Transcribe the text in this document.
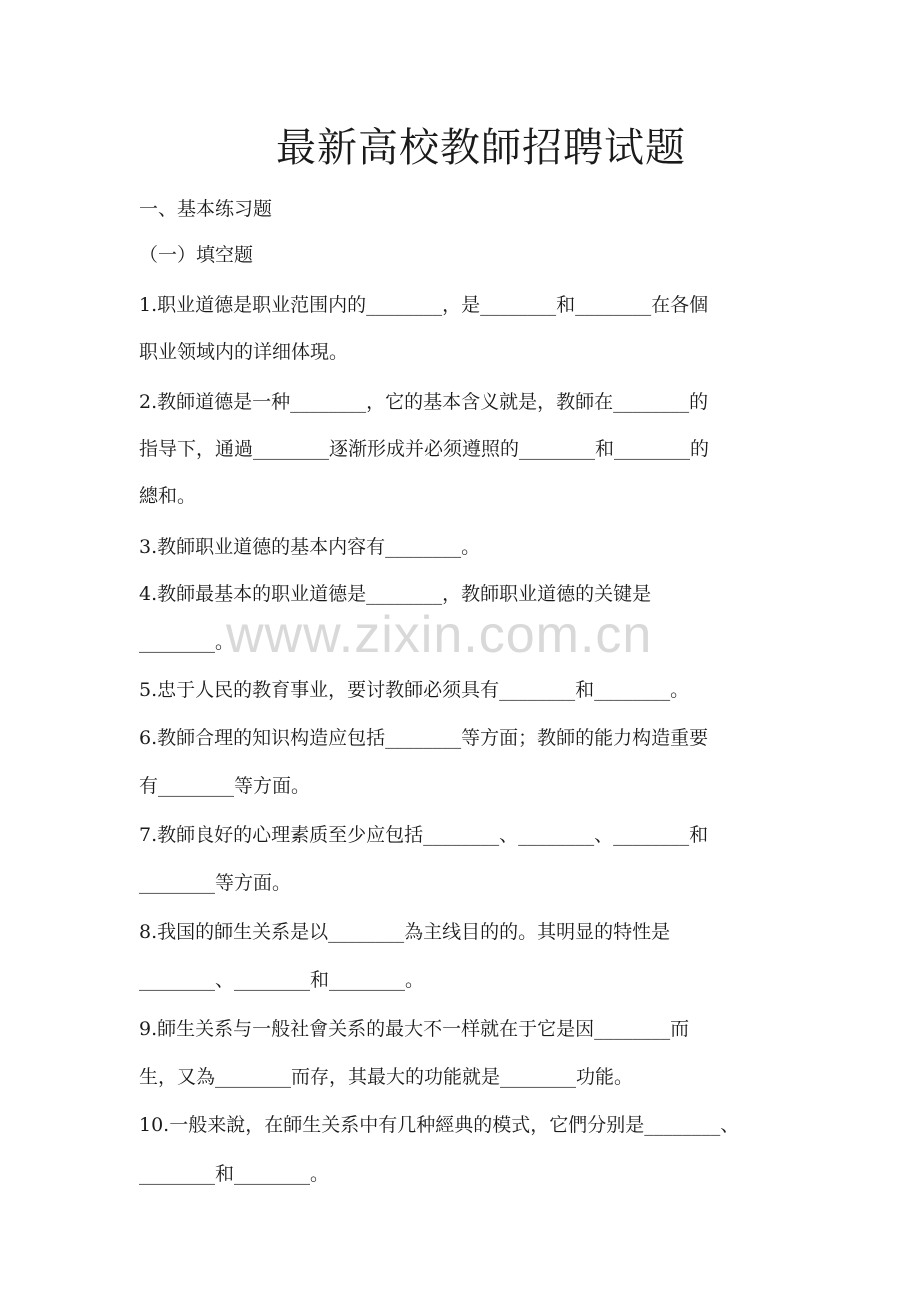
最新高校教師招聘试题
一、基本练习题
（一）填空题
1.职业道德是职业范围内的________，是________和________在各個
职业领域内的详细体現。
2.教師道德是一种________，它的基本含义就是，教師在________的
指导下，通過________逐渐形成并必须遵照的________和________的
總和。
3.教師职业道德的基本内容有________。
4.教師最基本的职业道德是________，教師职业道德的关键是
________。
5.忠于人民的教育事业，要讨教師必须具有________和________。
6.教師合理的知识构造应包括________等方面；教師的能力构造重要
有________等方面。
7.教師良好的心理素质至少应包括________、________、________和
________等方面。
8.我国的師生关系是以________為主线目的的。其明显的特性是
________、________和________。
9.師生关系与一般社會关系的最大不一样就在于它是因________而
生，又為________而存，其最大的功能就是________功能。
10.一般来說，在師生关系中有几种經典的模式，它們分别是________、
________和________。
www.zixin.com.cn
